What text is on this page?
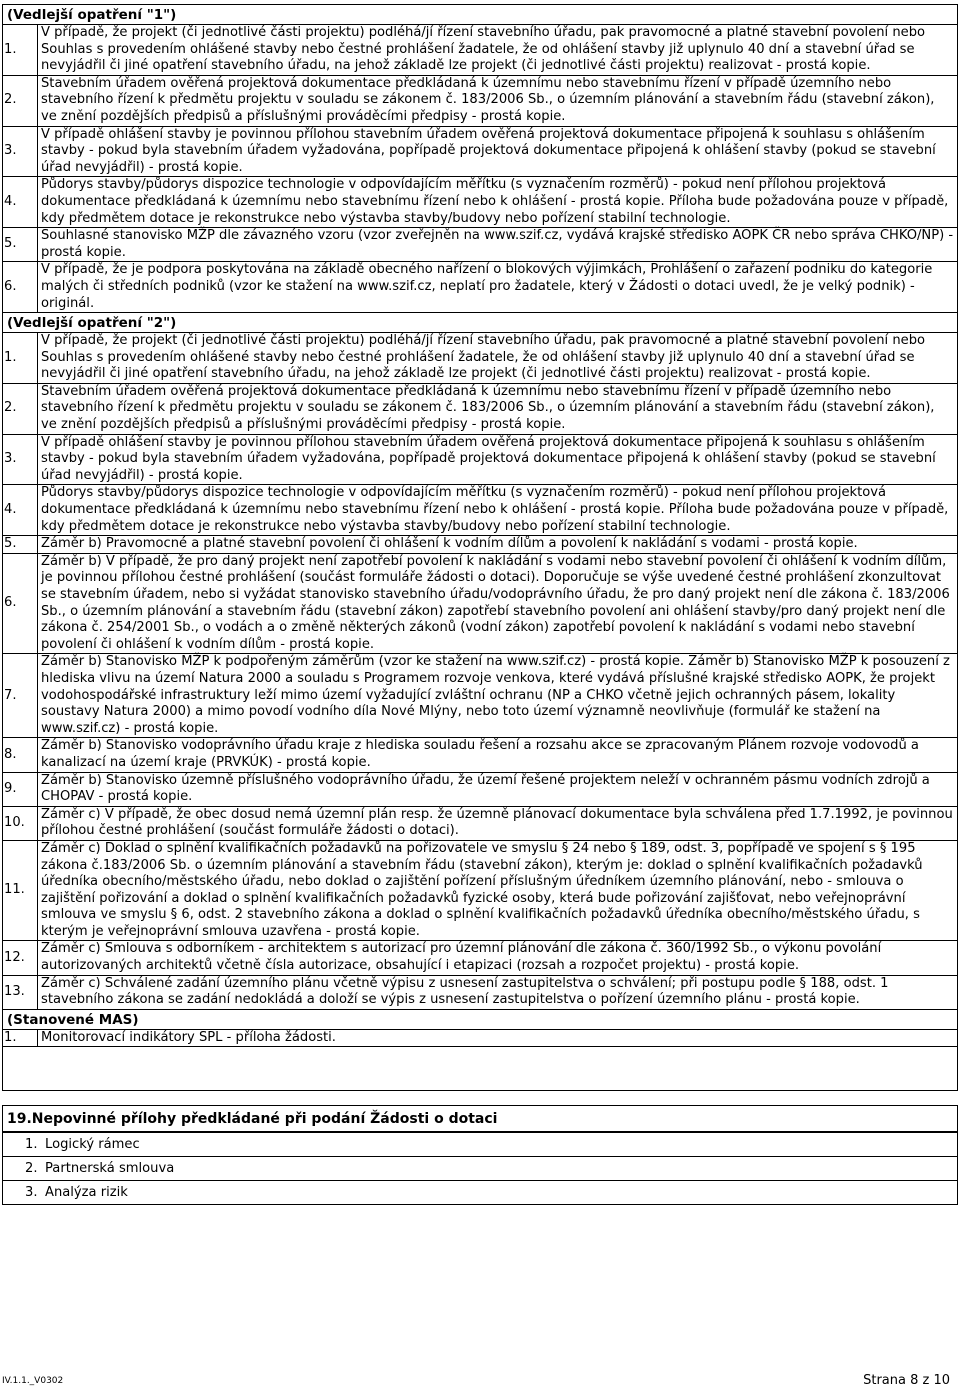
(Vedlejší opatření "1")
1.	V případě, že projekt (či jednotlivé části projektu) podléhá/jí řízení stavebního úřadu, pak pravomocné a platné stavební povolení nebo Souhlas s provedením ohlášené stavby nebo čestné prohlášení žadatele, že od ohlášení stavby již uplynulo 40 dní a stavební úřad se nevyjádřil či jiné opatření stavebního úřadu, na jehož základě lze projekt (či jednotlivé části projektu) realizovat - prostá kopie.
2.	Stavebním úřadem ověřená projektová dokumentace předkládaná k územnímu nebo stavebnímu řízení v případě územního nebo stavebního řízení k předmětu projektu v souladu se zákonem č. 183/2006 Sb., o územním plánování a stavebním řádu (stavební zákon), ve znění pozdějších předpisů a příslušnými prováděcími předpisy - prostá kopie.
3.	V případě ohlášení stavby je povinnou přílohou stavebním úřadem ověřená projektová dokumentace připojená k souhlasu s ohlášením stavby - pokud byla stavebním úřadem vyžadována, popřípadě projektová dokumentace připojená k ohlášení stavby (pokud se stavební úřad nevyjádřil) - prostá kopie.
4.	Půdorys stavby/půdorys dispozice technologie v odpovídajícím měřítku (s vyznačením rozměrů) - pokud není přílohou projektová dokumentace předkládaná k územnímu nebo stavebnímu řízení nebo k ohlášení - prostá kopie. Příloha bude požadována pouze v případě, kdy předmětem dotace je rekonstrukce nebo výstavba stavby/budovy nebo pořízení stabilní technologie.
5.	Souhlasné stanovisko MŽP dle závazného vzoru (vzor zveřejněn na www.szif.cz, vydává krajské středisko AOPK ČR nebo správa CHKO/NP) - prostá kopie.
6.	V případě, že je podpora poskytována na základě obecného nařízení o blokových výjimkách, Prohlášení o zařazení podniku do kategorie malých či středních podniků (vzor ke stažení na www.szif.cz, neplatí pro žadatele, který v Žádosti o dotaci uvedl, že je velký podnik) - originál.
(Vedlejší opatření "2")
1.	V případě, že projekt (či jednotlivé části projektu) podléhá/jí řízení stavebního úřadu, pak pravomocné a platné stavební povolení nebo Souhlas s provedením ohlášené stavby nebo čestné prohlášení žadatele, že od ohlášení stavby již uplynulo 40 dní a stavební úřad se nevyjádřil či jiné opatření stavebního úřadu, na jehož základě lze projekt (či jednotlivé části projektu) realizovat - prostá kopie.
2.	Stavebním úřadem ověřená projektová dokumentace předkládaná k územnímu nebo stavebnímu řízení v případě územního nebo stavebního řízení k předmětu projektu v souladu se zákonem č. 183/2006 Sb., o územním plánování a stavebním řádu (stavební zákon), ve znění pozdějších předpisů a příslušnými prováděcími předpisy - prostá kopie.
3.	V případě ohlášení stavby je povinnou přílohou stavebním úřadem ověřená projektová dokumentace připojená k souhlasu s ohlášením stavby - pokud byla stavebním úřadem vyžadována, popřípadě projektová dokumentace připojená k ohlášení stavby (pokud se stavební úřad nevyjádřil) - prostá kopie.
4.	Půdorys stavby/půdorys dispozice technologie v odpovídajícím měřítku (s vyznačením rozměrů) - pokud není přílohou projektová dokumentace předkládaná k územnímu nebo stavebnímu řízení nebo k ohlášení - prostá kopie. Příloha bude požadována pouze v případě, kdy předmětem dotace je rekonstrukce nebo výstavba stavby/budovy nebo pořízení stabilní technologie.
5.	Záměr b) Pravomocné a platné stavební povolení či ohlášení k vodním dílům a povolení k nakládání s vodami - prostá kopie.
6.	Záměr b) V případě, že pro daný projekt není zapotřebí povolení k nakládání s vodami nebo stavební povolení či ohlášení k vodním dílům, je povinnou přílohou čestné prohlášení (součást formuláře žádosti o dotaci). Doporučuje se výše uvedené čestné prohlášení zkonzultovat se stavebním úřadem, nebo si vyžádat stanovisko stavebního úřadu/vodoprávního úřadu, že pro daný projekt není dle zákona č. 183/2006 Sb., o územním plánování a stavebním řádu (stavební zákon) zapotřebí stavebního povolení ani ohlášení stavby/pro daný projekt není dle zákona č. 254/2001 Sb., o vodách a o změně některých zákonů (vodní zákon) zapotřebí povolení k nakládání s vodami nebo stavební povolení či ohlášení k vodním dílům - prostá kopie.
7.	Záměr b) Stanovisko MŽP k podpořeným záměrům (vzor ke stažení na www.szif.cz) - prostá kopie. Záměr b) Stanovisko MŽP k posouzení z hlediska vlivu na území Natura 2000 a souladu s Programem rozvoje venkova, které vydává příslušné krajské středisko AOPK, že projekt vodohospodářské infrastruktury leží mimo území vyžadující zvláštní ochranu (NP a CHKO včetně jejich ochranných pásem, lokality soustavy Natura 2000) a mimo povodí vodního díla Nové Mlýny, nebo toto území významně neovlivňuje (formulář ke stažení na www.szif.cz) - prostá kopie.
8.	Záměr b) Stanovisko vodoprávního úřadu kraje z hlediska souladu řešení a rozsahu akce se zpracovaným Plánem rozvoje vodovodů a kanalizací na území kraje (PRVKÚK) - prostá kopie.
9.	Záměr b) Stanovisko územně příslušného vodoprávního úřadu, že území řešené projektem neleží v ochranném pásmu vodních zdrojů a CHOPAV - prostá kopie.
10.	Záměr c) V případě, že obec dosud nemá územní plán resp. že územně plánovací dokumentace byla schválena před 1.7.1992, je povinnou přílohou čestné prohlášení (součást formuláře žádosti o dotaci).
11.	Záměr c) Doklad o splnění kvalifikačních požadavků na pořizovatele ve smyslu § 24 nebo § 189, odst. 3, popřípadě ve spojení s § 195 zákona č.183/2006 Sb. o územním plánování a stavebním řádu (stavební zákon), kterým je: doklad o splnění kvalifikačních požadavků úředníka obecního/městského úřadu, nebo doklad o zajištění pořízení příslušným úředníkem územního plánování, nebo - smlouva o zajištění pořizování a doklad o splnění kvalifikačních požadavků fyzické osoby, která bude pořizování zajišťovat, nebo veřejnoprávní smlouva ve smyslu § 6, odst. 2 stavebního zákona a doklad o splnění kvalifikačních požadavků úředníka obecního/městského úřadu, s kterým je veřejnoprávní smlouva uzavřena - prostá kopie.
12.	Záměr c) Smlouva s odborníkem - architektem s autorizací pro územní plánování dle zákona č. 360/1992 Sb., o výkonu povolání autorizovaných architektů včetně čísla autorizace, obsahující i etapizaci (rozsah a rozpočet projektu) - prostá kopie.
13.	Záměr c) Schválené zadání územního plánu včetně výpisu z usnesení zastupitelstva o schválení; při postupu podle § 188, odst. 1 stavebního zákona se zadání nedokládá a doloží se výpis z usnesení zastupitelstva o pořízení územního plánu - prostá kopie.
(Stanovené MAS)
1.	Monitorovací indikátory SPL - příloha žádosti.
19.Nepovinné přílohy předkládané při podání Žádosti o dotaci
1. Logický rámec
2. Partnerská smlouva
3. Analýza rizik
IV.1.1._V0302	Strana 8 z 10
